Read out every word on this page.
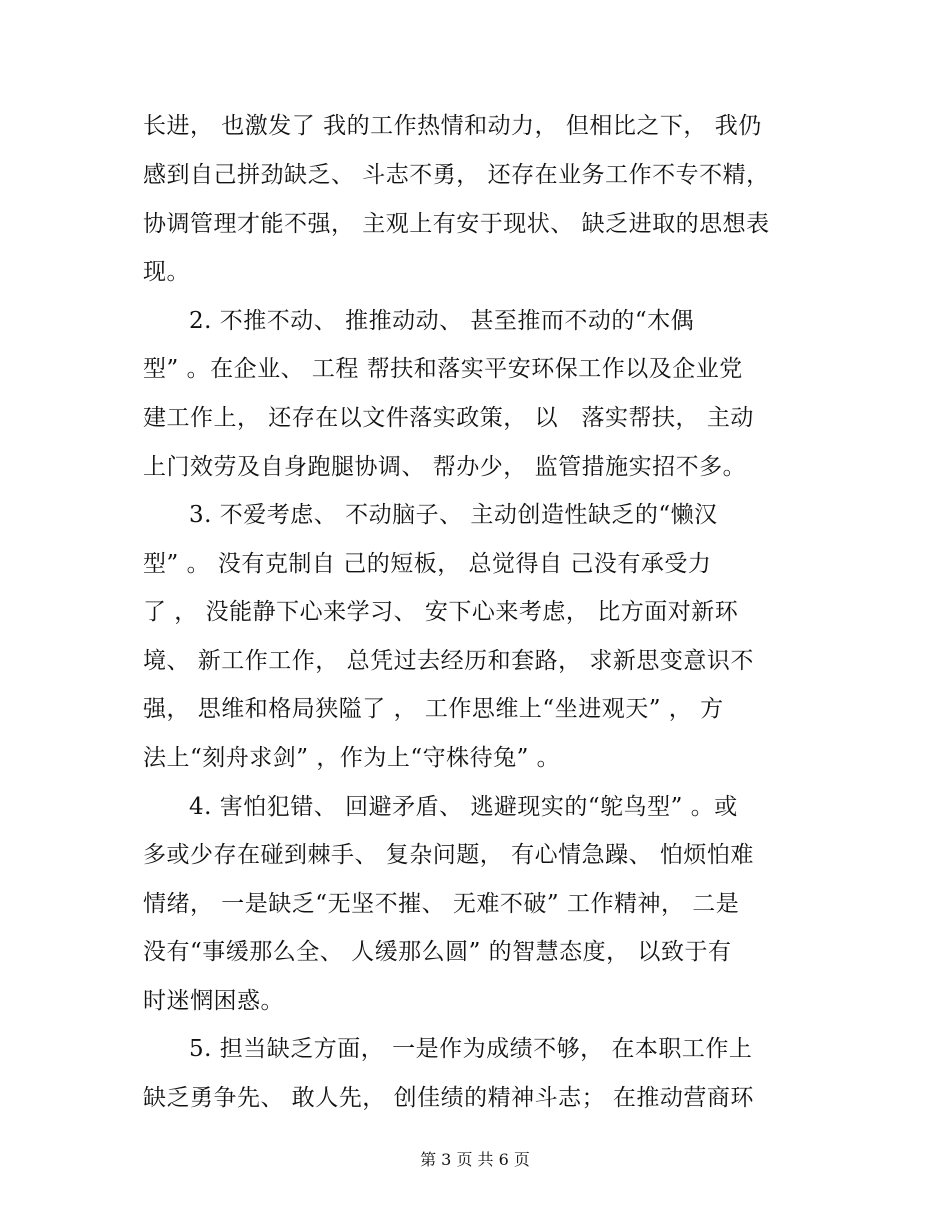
长进， 也激发了 我的工作热情和动力， 但相比之下， 我仍
感到自己拼劲缺乏、 斗志不勇， 还存在业务工作不专不精，
协调管理才能不强， 主观上有安于现状、 缺乏进取的思想表
现。
2. 不推不动、 推推动动、 甚至推而不动的“木偶
型” 。在企业、 工程 帮扶和落实平安环保工作以及企业党
建工作上， 还存在以文件落实政策， 以   落实帮扶， 主动
上门效劳及自身跑腿协调、 帮办少， 监管措施实招不多。
3. 不爱考虑、 不动脑子、 主动创造性缺乏的“懒汉
型” 。 没有克制自 己的短板， 总觉得自 己没有承受力
了 ， 没能静下心来学习、 安下心来考虑， 比方面对新环
境、 新工作工作， 总凭过去经历和套路， 求新思变意识不
强， 思维和格局狭隘了 ， 工作思维上“坐进观天” ， 方
法上“刻舟求剑” ，作为上“守株待兔” 。
4. 害怕犯错、 回避矛盾、 逃避现实的“鸵鸟型” 。或
多或少存在碰到棘手、 复杂问题， 有心情急躁、 怕烦怕难
情绪， 一是缺乏“无坚不摧、 无难不破” 工作精神， 二是
没有“事缓那么全、 人缓那么圆” 的智慧态度， 以致于有
时迷惘困惑。
5. 担当缺乏方面， 一是作为成绩不够， 在本职工作上
缺乏勇争先、 敢人先， 创佳绩的精神斗志； 在推动营商环
第 3 页 共 6 页
